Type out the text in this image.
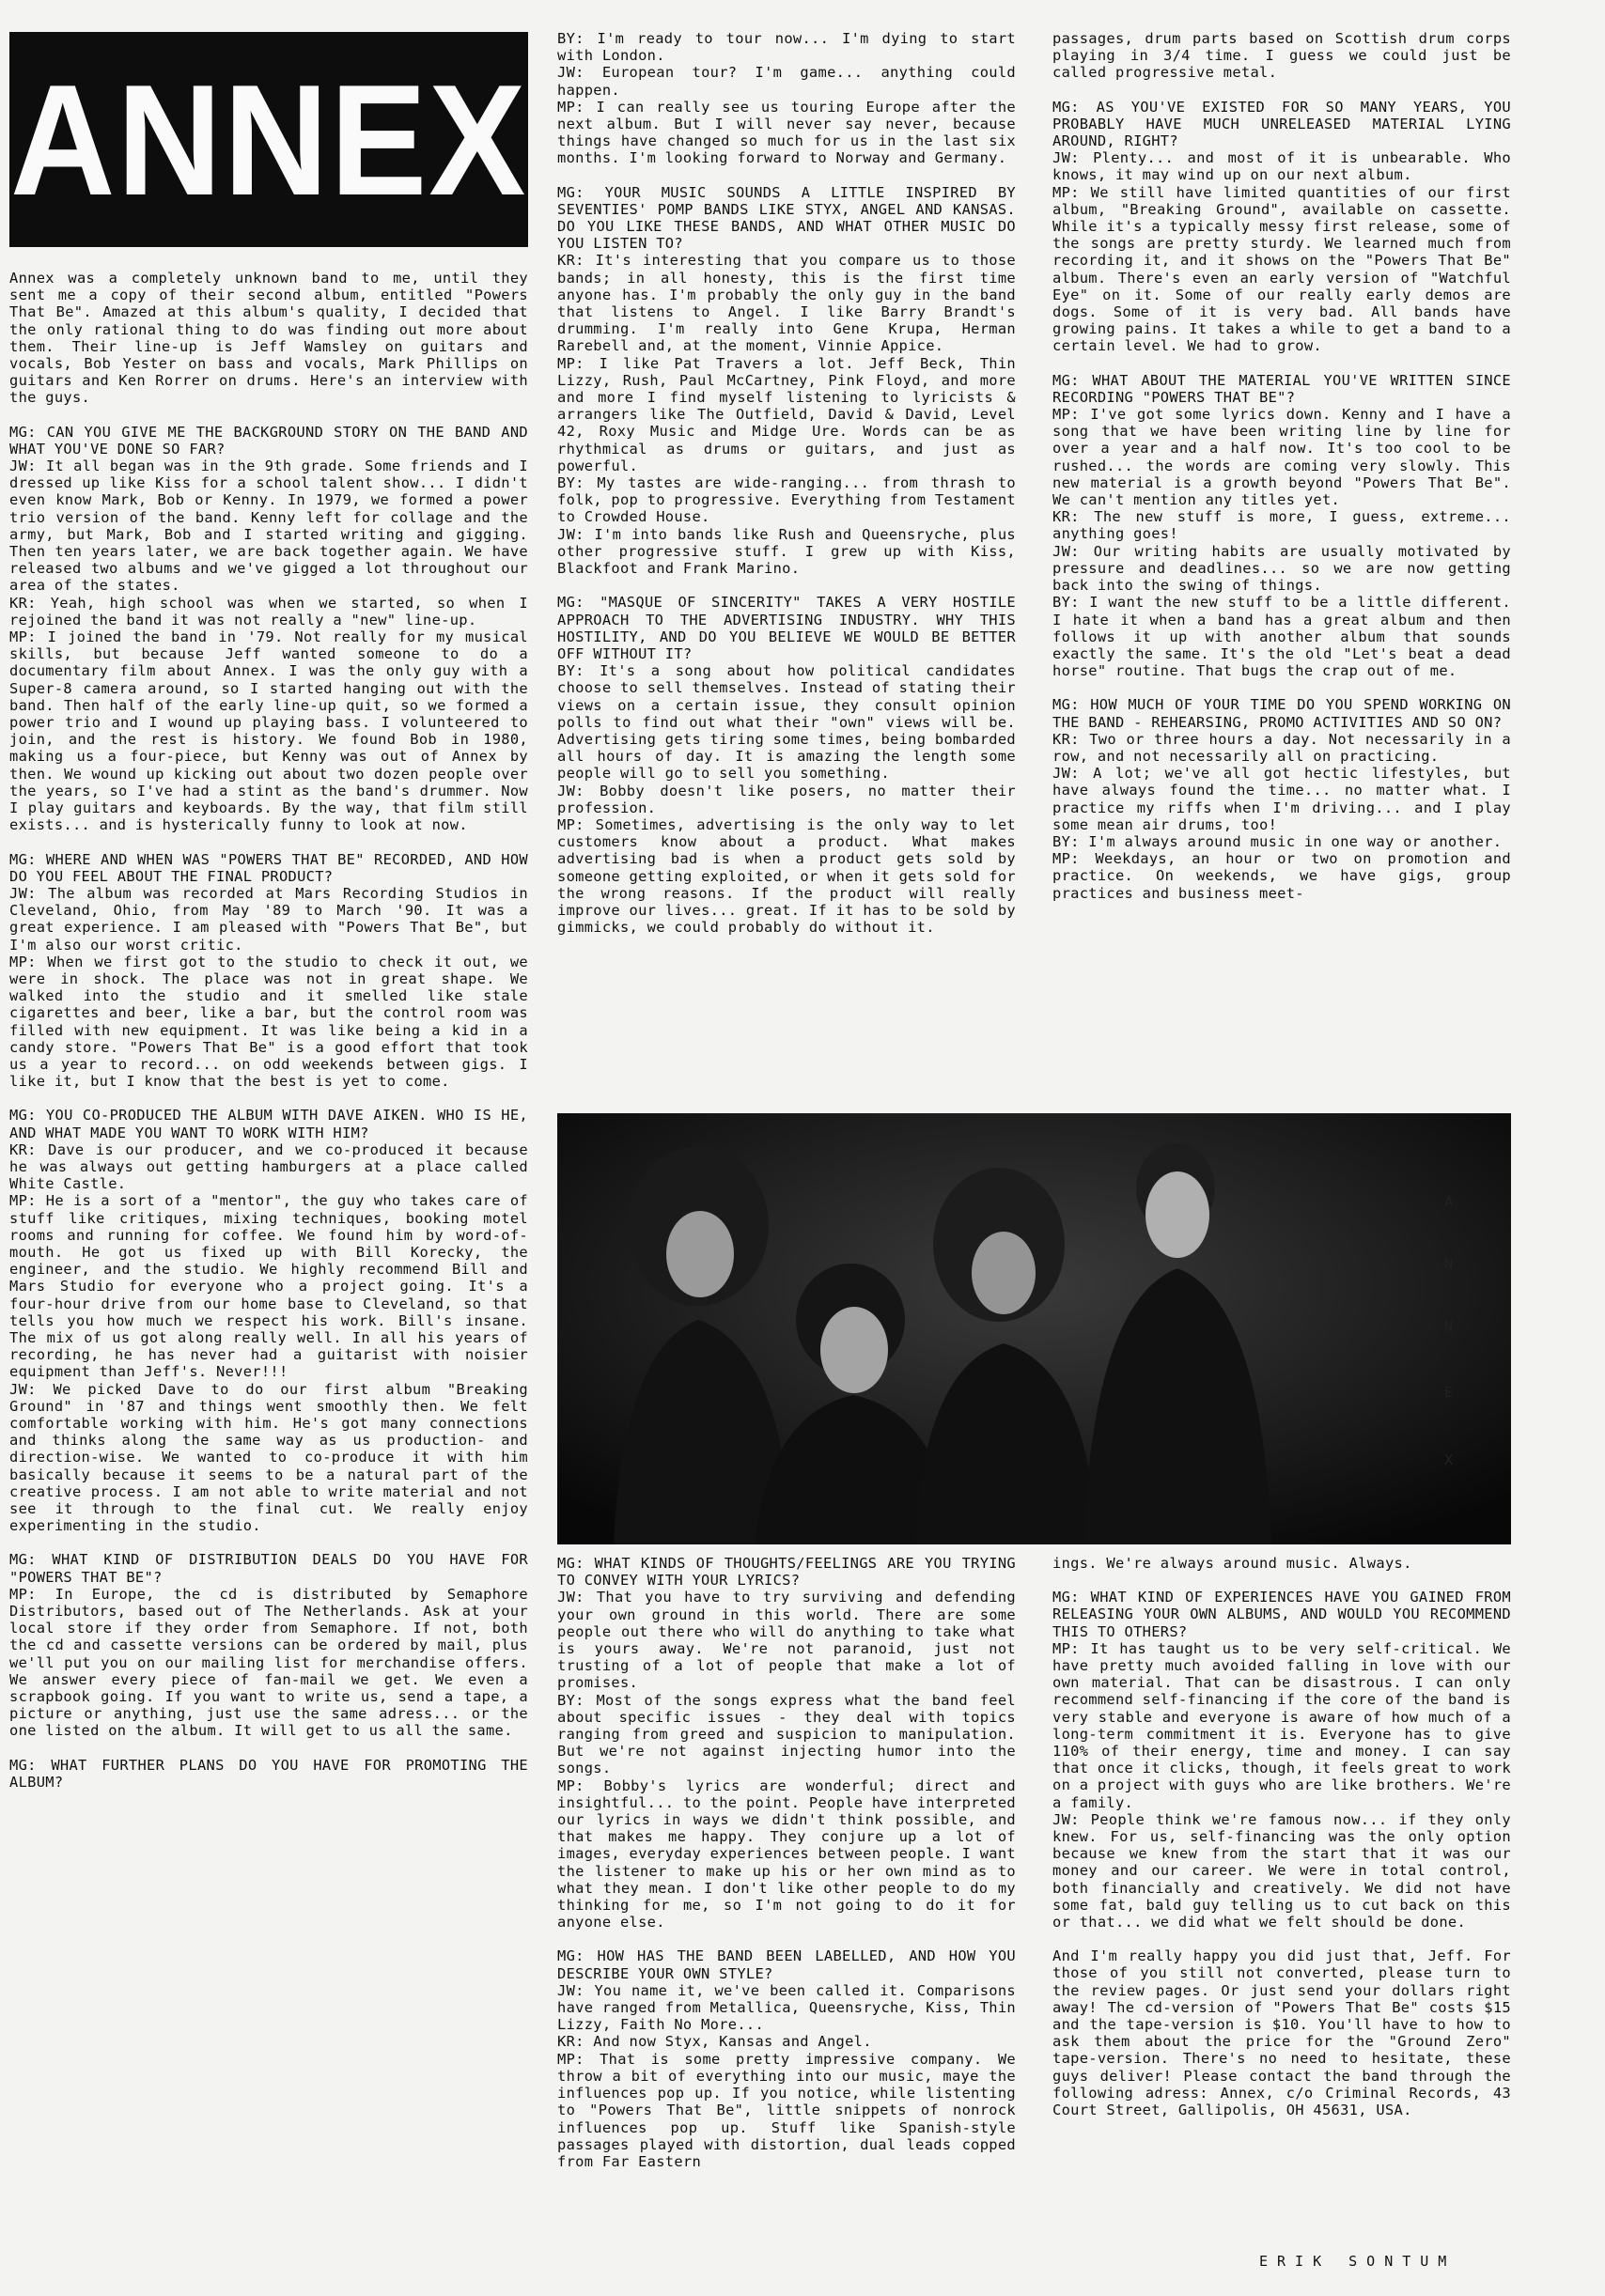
ANNEX

Annex was a completely unknown band to me, until they sent me a copy of their second album, entitled "Powers That Be". Amazed at this album's quality, I decided that the only rational thing to do was finding out more about them. Their line-up is Jeff Wamsley on guitars and vocals, Bob Yester on bass and vocals, Mark Phillips on guitars and Ken Rorrer on drums. Here's an interview with the guys.

MG: CAN YOU GIVE ME THE BACKGROUND STORY ON THE BAND AND WHAT YOU'VE DONE SO FAR?
JW: It all began was in the 9th grade. Some friends and I dressed up like Kiss for a school talent show... I didn't even know Mark, Bob or Kenny. In 1979, we formed a power trio version of the band. Kenny left for collage and the army, but Mark, Bob and I started writing and gigging. Then ten years later, we are back together again. We have released two albums and we've gigged a lot throughout our area of the states.
KR: Yeah, high school was when we started, so when I rejoined the band it was not really a "new" line-up.
MP: I joined the band in '79. Not really for my musical skills, but because Jeff wanted someone to do a documentary film about Annex. I was the only guy with a Super-8 camera around, so I started hanging out with the band. Then half of the early line-up quit, so we formed a power trio and I wound up playing bass. I volunteered to join, and the rest is history. We found Bob in 1980, making us a four-piece, but Kenny was out of Annex by then. We wound up kicking out about two dozen people over the years, so I've had a stint as the band's drummer. Now I play guitars and keyboards. By the way, that film still exists... and is hysterically funny to look at now.

MG: WHERE AND WHEN WAS "POWERS THAT BE" RECORDED, AND HOW DO YOU FEEL ABOUT THE FINAL PRODUCT?
JW: The album was recorded at Mars Recording Studios in Cleveland, Ohio, from May '89 to March '90. It was a great experience. I am pleased with "Powers That Be", but I'm also our worst critic.
MP: When we first got to the studio to check it out, we were in shock. The place was not in great shape. We walked into the studio and it smelled like stale cigarettes and beer, like a bar, but the control room was filled with new equipment. It was like being a kid in a candy store. "Powers That Be" is a good effort that took us a year to record... on odd weekends between gigs. I like it, but I know that the best is yet to come.

MG: YOU CO-PRODUCED THE ALBUM WITH DAVE AIKEN. WHO IS HE, AND WHAT MADE YOU WANT TO WORK WITH HIM?
KR: Dave is our producer, and we co-produced it because he was always out getting hamburgers at a place called White Castle.
MP: He is a sort of a "mentor", the guy who takes care of stuff like critiques, mixing techniques, booking motel rooms and running for coffee. We found him by word-of-mouth. He got us fixed up with Bill Korecky, the engineer, and the studio. We highly recommend Bill and Mars Studio for everyone who a project going. It's a four-hour drive from our home base to Cleveland, so that tells you how much we respect his work. Bill's insane. The mix of us got along really well. In all his years of recording, he has never had a guitarist with noisier equipment than Jeff's. Never!!!
JW: We picked Dave to do our first album "Breaking Ground" in '87 and things went smoothly then. We felt comfortable working with him. He's got many connections and thinks along the same way as us production- and direction-wise. We wanted to co-produce it with him basically because it seems to be a natural part of the creative process. I am not able to write material and not see it through to the final cut. We really enjoy experimenting in the studio.

MG: WHAT KIND OF DISTRIBUTION DEALS DO YOU HAVE FOR "POWERS THAT BE"?
MP: In Europe, the cd is distributed by Semaphore Distributors, based out of The Netherlands. Ask at your local store if they order from Semaphore. If not, both the cd and cassette versions can be ordered by mail, plus we'll put you on our mailing list for merchandise offers. We answer every piece of fan-mail we get. We even a scrapbook going. If you want to write us, send a tape, a picture or anything, just use the same adress... or the one listed on the album. It will get to us all the same.

MG: WHAT FURTHER PLANS DO YOU HAVE FOR PROMOTING THE ALBUM?

BY: I'm ready to tour now... I'm dying to start with London.
JW: European tour? I'm game... anything could happen.
MP: I can really see us touring Europe after the next album. But I will never say never, because things have changed so much for us in the last six months. I'm looking forward to Norway and Germany.

MG: YOUR MUSIC SOUNDS A LITTLE INSPIRED BY SEVENTIES' POMP BANDS LIKE STYX, ANGEL AND KANSAS. DO YOU LIKE THESE BANDS, AND WHAT OTHER MUSIC DO YOU LISTEN TO?
KR: It's interesting that you compare us to those bands; in all honesty, this is the first time anyone has. I'm probably the only guy in the band that listens to Angel. I like Barry Brandt's drumming. I'm really into Gene Krupa, Herman Rarebell and, at the moment, Vinnie Appice.
MP: I like Pat Travers a lot. Jeff Beck, Thin Lizzy, Rush, Paul McCartney, Pink Floyd, and more and more I find myself listening to lyricists & arrangers like The Outfield, David & David, Level 42, Roxy Music and Midge Ure. Words can be as rhythmical as drums or guitars, and just as powerful.
BY: My tastes are wide-ranging... from thrash to folk, pop to progressive. Everything from Testament to Crowded House.
JW: I'm into bands like Rush and Queensryche, plus other progressive stuff. I grew up with Kiss, Blackfoot and Frank Marino.

MG: "MASQUE OF SINCERITY" TAKES A VERY HOSTILE APPROACH TO THE ADVERTISING INDUSTRY. WHY THIS HOSTILITY, AND DO YOU BELIEVE WE WOULD BE BETTER OFF WITHOUT IT?
BY: It's a song about how political candidates choose to sell themselves. Instead of stating their views on a certain issue, they consult opinion polls to find out what their "own" views will be. Advertising gets tiring some times, being bombarded all hours of day. It is amazing the length some people will go to sell you something.
JW: Bobby doesn't like posers, no matter their profession.
MP: Sometimes, advertising is the only way to let customers know about a product. What makes advertising bad is when a product gets sold by someone getting exploited, or when it gets sold for the wrong reasons. If the product will really improve our lives... great. If it has to be sold by gimmicks, we could probably do without it.

passages, drum parts based on Scottish drum corps playing in 3/4 time. I guess we could just be called progressive metal.

MG: AS YOU'VE EXISTED FOR SO MANY YEARS, YOU PROBABLY HAVE MUCH UNRELEASED MATERIAL LYING AROUND, RIGHT?
JW: Plenty... and most of it is unbearable. Who knows, it may wind up on our next album.
MP: We still have limited quantities of our first album, "Breaking Ground", available on cassette. While it's a typically messy first release, some of the songs are pretty sturdy. We learned much from recording it, and it shows on the "Powers That Be" album. There's even an early version of "Watchful Eye" on it. Some of our really early demos are dogs. Some of it is very bad. All bands have growing pains. It takes a while to get a band to a certain level. We had to grow.

MG: WHAT ABOUT THE MATERIAL YOU'VE WRITTEN SINCE RECORDING "POWERS THAT BE"?
MP: I've got some lyrics down. Kenny and I have a song that we have been writing line by line for over a year and a half now. It's too cool to be rushed... the words are coming very slowly. This new material is a growth beyond "Powers That Be". We can't mention any titles yet.
KR: The new stuff is more, I guess, extreme... anything goes!
JW: Our writing habits are usually motivated by pressure and deadlines... so we are now getting back into the swing of things.
BY: I want the new stuff to be a little different. I hate it when a band has a great album and then follows it up with another album that sounds exactly the same. It's the old "Let's beat a dead horse" routine. That bugs the crap out of me.

MG: HOW MUCH OF YOUR TIME DO YOU SPEND WORKING ON THE BAND - REHEARSING, PROMO ACTIVITIES AND SO ON?
KR: Two or three hours a day. Not necessarily in a row, and not necessarily all on practicing.
JW: A lot; we've all got hectic lifestyles, but have always found the time... no matter what. I practice my riffs when I'm driving... and I play some mean air drums, too!
BY: I'm always around music in one way or another.
MP: Weekdays, an hour or two on promotion and practice. On weekends, we have gigs, group practices and business meet-

A
N
N
E
X

MG: WHAT KINDS OF THOUGHTS/FEELINGS ARE YOU TRYING TO CONVEY WITH YOUR LYRICS?
JW: That you have to try surviving and defending your own ground in this world. There are some people out there who will do anything to take what is yours away. We're not paranoid, just not trusting of a lot of people that make a lot of promises.
BY: Most of the songs express what the band feel about specific issues - they deal with topics ranging from greed and suspicion to manipulation. But we're not against injecting humor into the songs.
MP: Bobby's lyrics are wonderful; direct and insightful... to the point. People have interpreted our lyrics in ways we didn't think possible, and that makes me happy. They conjure up a lot of images, everyday experiences between people. I want the listener to make up his or her own mind as to what they mean. I don't like other people to do my thinking for me, so I'm not going to do it for anyone else.

MG: HOW HAS THE BAND BEEN LABELLED, AND HOW YOU DESCRIBE YOUR OWN STYLE?
JW: You name it, we've been called it. Comparisons have ranged from Metallica, Queensryche, Kiss, Thin Lizzy, Faith No More...
KR: And now Styx, Kansas and Angel.
MP: That is some pretty impressive company. We throw a bit of everything into our music, maye the influences pop up. If you notice, while listenting to "Powers That Be", little snippets of nonrock influences pop up. Stuff like Spanish-style passages played with distortion, dual leads copped from Far Eastern

ings. We're always around music. Always.

MG: WHAT KIND OF EXPERIENCES HAVE YOU GAINED FROM RELEASING YOUR OWN ALBUMS, AND WOULD YOU RECOMMEND THIS TO OTHERS?
MP: It has taught us to be very self-critical. We have pretty much avoided falling in love with our own material. That can be disastrous. I can only recommend self-financing if the core of the band is very stable and everyone is aware of how much of a long-term commitment it is. Everyone has to give 110% of their energy, time and money. I can say that once it clicks, though, it feels great to work on a project with guys who are like brothers. We're a family.
JW: People think we're famous now... if they only knew. For us, self-financing was the only option because we knew from the start that it was our money and our career. We were in total control, both financially and creatively. We did not have some fat, bald guy telling us to cut back on this or that... we did what we felt should be done.

And I'm really happy you did just that, Jeff. For those of you still not converted, please turn to the review pages. Or just send your dollars right away! The cd-version of "Powers That Be" costs $15 and the tape-version is $10. You'll have to how to ask them about the price for the "Ground Zero" tape-version. There's no need to hesitate, these guys deliver! Please contact the band through the following adress: Annex, c/o Criminal Records, 43 Court Street, Gallipolis, OH 45631, USA.

ERIK SONTUM
